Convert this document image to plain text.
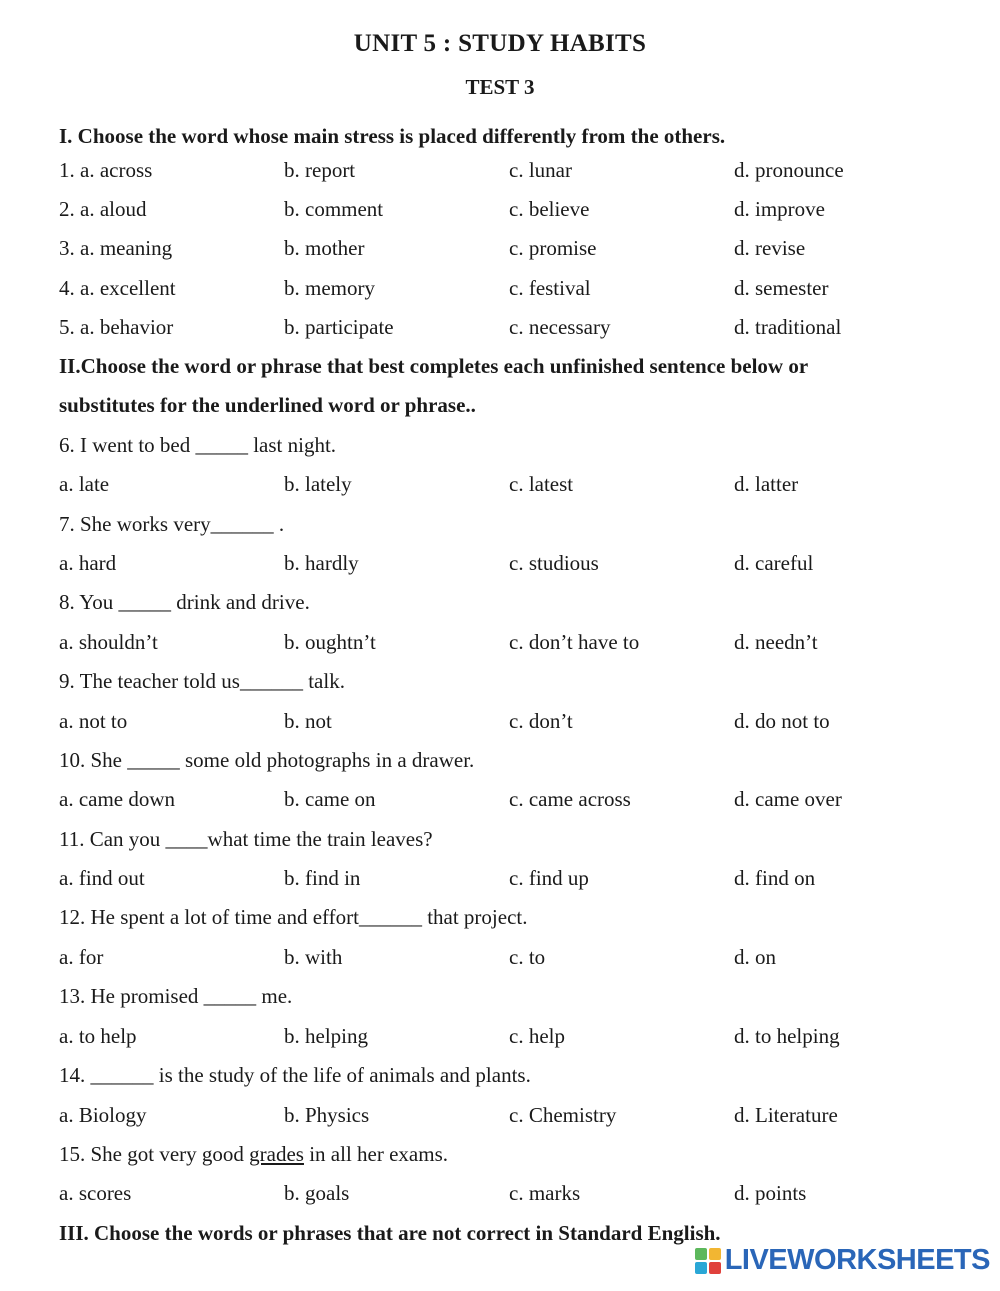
UNIT 5 : STUDY HABITS
TEST 3
I. Choose the word whose main stress is placed differently from the others.
1. a. across	b. report	c. lunar	d. pronounce
2. a. aloud	b. comment	c. believe	d. improve
3. a. meaning	b. mother	c. promise	d. revise
4. a. excellent	b. memory	c. festival	d. semester
5. a. behavior	b. participate	c. necessary	d. traditional
II.Choose the word or phrase that best completes each unfinished sentence below or
substitutes for the underlined word or phrase..
6. I went to bed _____ last night.
a. late	b. lately	c. latest	d. latter
7. She works very______ .
a. hard	b. hardly	c. studious	d. careful
8. You _____ drink and drive.
a. shouldn’t	b. oughtn’t	c. don’t have to	d. needn’t
9. The teacher told us______ talk.
a. not to	b. not	c. don’t	d. do not to
10. She _____ some old photographs in a drawer.
a. came down	b. came on	c. came across	d. came over
11. Can you ____what time the train leaves?
a. find out	b. find in	c. find up	d. find on
12. He spent a lot of time and effort______ that project.
a. for	b. with	c. to	d. on
13. He promised _____ me.
a. to help	b. helping	c. help	d. to helping
14. ______ is the study of the life of animals and plants.
a. Biology	b. Physics	c. Chemistry	d. Literature
15. She got very good grades in all her exams.
a. scores	b. goals	c. marks	d. points
III. Choose the words or phrases that are not correct in Standard English.
LIVEWORKSHEETS
